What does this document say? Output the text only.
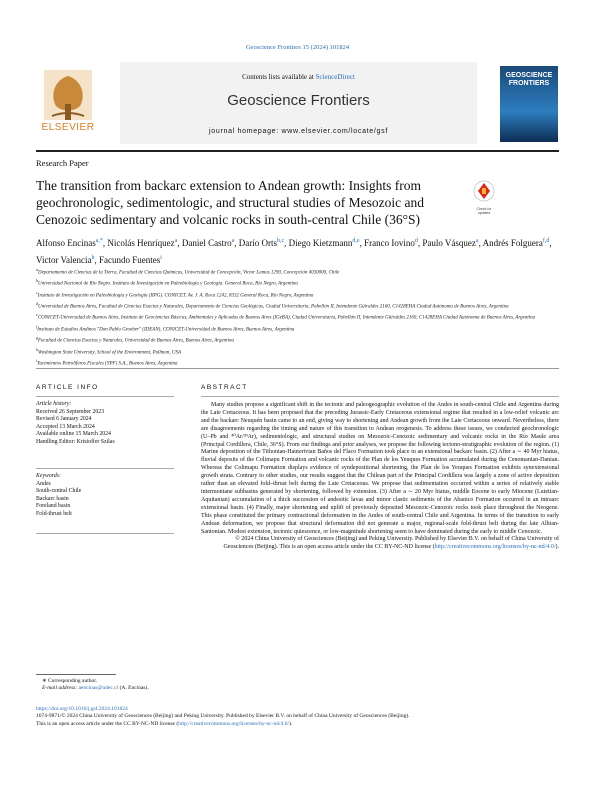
Geoscience Frontiers 15 (2024) 101824
ELSEVIER
Contents lists available at ScienceDirect
Geoscience Frontiers
journal homepage: www.elsevier.com/locate/gsf
GEOSCIENCE FRONTIERS
Research Paper
The transition from backarc extension to Andean growth: Insights from geochronologic, sedimentologic, and structural studies of Mesozoic and Cenozoic sedimentary and volcanic rocks in south-central Chile (36°S)
Check for updates
Alfonso Encinas$^{a,*}$, Nicolás Henríquez$^a$, Daniel Castro$^a$, Darío Orts$^{b,c}$, Diego Kietzmann$^{d,e}$, Franco Iovino$^d$, Paulo Vásquez$^a$, Andrés Folguera$^{f,d}$, Victor Valencia$^h$, Facundo Fuentes$^i$
$^a$Departamento de Ciencias de la Tierra, Facultad de Ciencias Químicas, Universidad de Concepción, Victor Lamas 1290, Concepción 4030000, Chile
$^b$Universidad Nacional de Río Negro. Instituto de Investigación en Paleobiología y Geología. General Roca, Río Negro, Argentina
$^c$Instituto de Investigación en Paleobiología y Geología (IIPG). CONICET. Av. J. A. Roca 1242, 8332 General Roca, Río Negro, Argentina
$^d$Universidad de Buenos Aires, Facultad de Ciencias Exactas y Naturales, Departamento de Ciencias Geológicas, Ciudad Universitaria, Pabellón II, Intendente Güiraldes 2160, C1428EHA Ciudad Autónoma de Buenos Aires, Argentina
$^e$CONICET-Universidad de Buenos Aires, Instituto de Geociencias Básicas, Ambientales y Aplicadas de Buenos Aires (IGeBA), Ciudad Universitaria, Pabellón II, Intendente Güiraldes 2160, C1428EHA Ciudad Autónoma de Buenos Aires, Argentina
$^f$Instituto de Estudios Andinos "Don Pablo Groeber" (IDEAN), CONICET-Universidad de Buenos Aires, Buenos Aires, Argentina
$^g$Facultad de Ciencias Exactas y Naturales, Universidad de Buenos Aires, Buenos Aires, Argentina
$^h$Washington State University, School of the Environment, Pullman, USA
$^i$Yacimientos Petrolíferos Fiscales (YPF) S.A., Buenos Aires, Argentina
ARTICLE INFO	ABSTRACT
Article history:
Received 26 September 2023
Revised 6 January 2024
Accepted 13 March 2024
Available online 15 March 2024
Handling Editor: Kristoffer Szilas
Keywords:
Andes
South-central Chile
Backarc basin
Foreland basin
Fold-thrust belt

Many studies propose a significant shift in the tectonic and paleogeographic evolution of the Andes in south-central Chile and Argentina during the Late Cretaceous. It has been proposed that the preceding Jurassic-Early Cretaceous extensional regime that resulted in a low-relief volcanic arc and the backarc Neuquén basin came to an end, giving way to shortening and Andean growth from the Late Cretaceous onward. Nevertheless, there are disagreements regarding the timing and nature of this transition to Andean orogenesis. To address these issues, we conducted geochronologic (U–Pb and ⁴⁰Ar/³⁹Ar), sedimentologic, and structural studies on Mesozoic-Cenozoic sedimentary and volcanic rocks in the Río Maule area (Principal Cordillera, Chile, 36°S). From our findings and prior analyses, we propose the following tectono-stratigraphic evolution of the region. (1) Marine deposition of the Tithonian-Hauterivian Baños del Flaco Formation took place in an extensional backarc basin. (2) After a ∼ 40 Myr hiatus, fluvial deposits of the Colimapu Formation and volcanic rocks of the Plan de los Yeuques Formation accumulated during the Cenomanian-Danian. Whereas the Colimapu Formation displays evidence of syndepositional shortening, the Plan de los Yeuques Formation exhibits synextensional growth strata. Contrary to other studies, our results suggest that the Chilean part of the Principal Cordillera was largely a zone of active deposition rather than an elevated fold–thrust belt during the Late Cretaceous. We propose that sedimentation occurred within a series of relatively stable intermontane subbasins generated by shortening, followed by extension. (3) After a ∼ 20 Myr hiatus, middle Eocene to early Miocene (Lutetian-Aquitanian) accumulation of a thick succession of andesitic lavas and minor clastic sediments of the Abanico Formation occurred in an intraarc extensional basin. (4) Finally, major shortening and uplift of previously deposited Mesozoic-Cenozoic rocks took place throughout the Neogene. This phase constituted the primary contractional deformation in the Andes of south-central Chile and Argentina. In terms of the transition to early Andean deformation, we propose that structural deformation did not generate a major, regional-scale fold-thrust belt during the late Albian-Santonian. Modest extension, tectonic quiescence, or low-magnitude shortening seem to have dominated during the early to middle Cenozoic.

© 2024 China University of Geosciences (Beijing) and Peking University. Published by Elsevier B.V. on behalf of China University of Geosciences (Beijing). This is an open access article under the CC BY-NC-ND license (http://creativecommons.org/licenses/by-nc-nd/4.0/).

∗ Corresponding author.
E-mail address: aencinas@udec.cl (A. Encinas).
https://doi.org/10.1016/j.gsf.2024.101824
1674-9871/© 2024 China University of Geosciences (Beijing) and Peking University. Published by Elsevier B.V. on behalf of China University of Geosciences (Beijing).
This is an open access article under the CC BY-NC-ND license (http://creativecommons.org/licenses/by-nc-nd/4.0/).
